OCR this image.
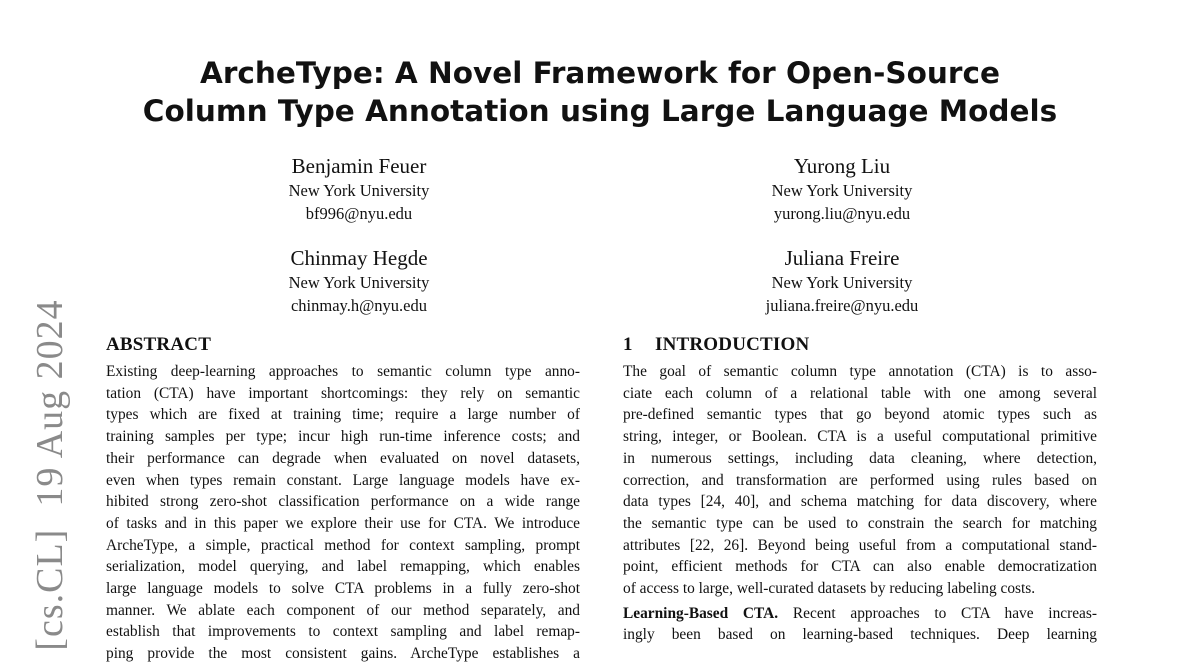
[cs.CL]19 Aug 2024
ArcheType: A Novel Framework for Open-Source
Column Type Annotation using Large Language Models
Benjamin Feuer
New York University
bf996@nyu.edu
Yurong Liu
New York University
yurong.liu@nyu.edu
Chinmay Hegde
New York University
chinmay.h@nyu.edu
Juliana Freire
New York University
juliana.freire@nyu.edu
ABSTRACT
Existing deep-learning approaches to semantic column type anno-
tation (CTA) have important shortcomings: they rely on semantic
types which are fixed at training time; require a large number of
training samples per type; incur high run-time inference costs; and
their performance can degrade when evaluated on novel datasets,
even when types remain constant. Large language models have ex-
hibited strong zero-shot classification performance on a wide range
of tasks and in this paper we explore their use for CTA. We introduce
ArcheType, a simple, practical method for context sampling, prompt
serialization, model querying, and label remapping, which enables
large language models to solve CTA problems in a fully zero-shot
manner. We ablate each component of our method separately, and
establish that improvements to context sampling and label remap-
ping provide the most consistent gains. ArcheType establishes a
1 INTRODUCTION
The goal of semantic column type annotation (CTA) is to asso-
ciate each column of a relational table with one among several
pre-defined semantic types that go beyond atomic types such as
string, integer, or Boolean. CTA is a useful computational primitive
in numerous settings, including data cleaning, where detection,
correction, and transformation are performed using rules based on
data types [24, 40], and schema matching for data discovery, where
the semantic type can be used to constrain the search for matching
attributes [22, 26]. Beyond being useful from a computational stand-
point, efficient methods for CTA can also enable democratization
of access to large, well-curated datasets by reducing labeling costs.
Learning-Based CTA. Recent approaches to CTA have increas-
ingly been based on learning-based techniques. Deep learning
